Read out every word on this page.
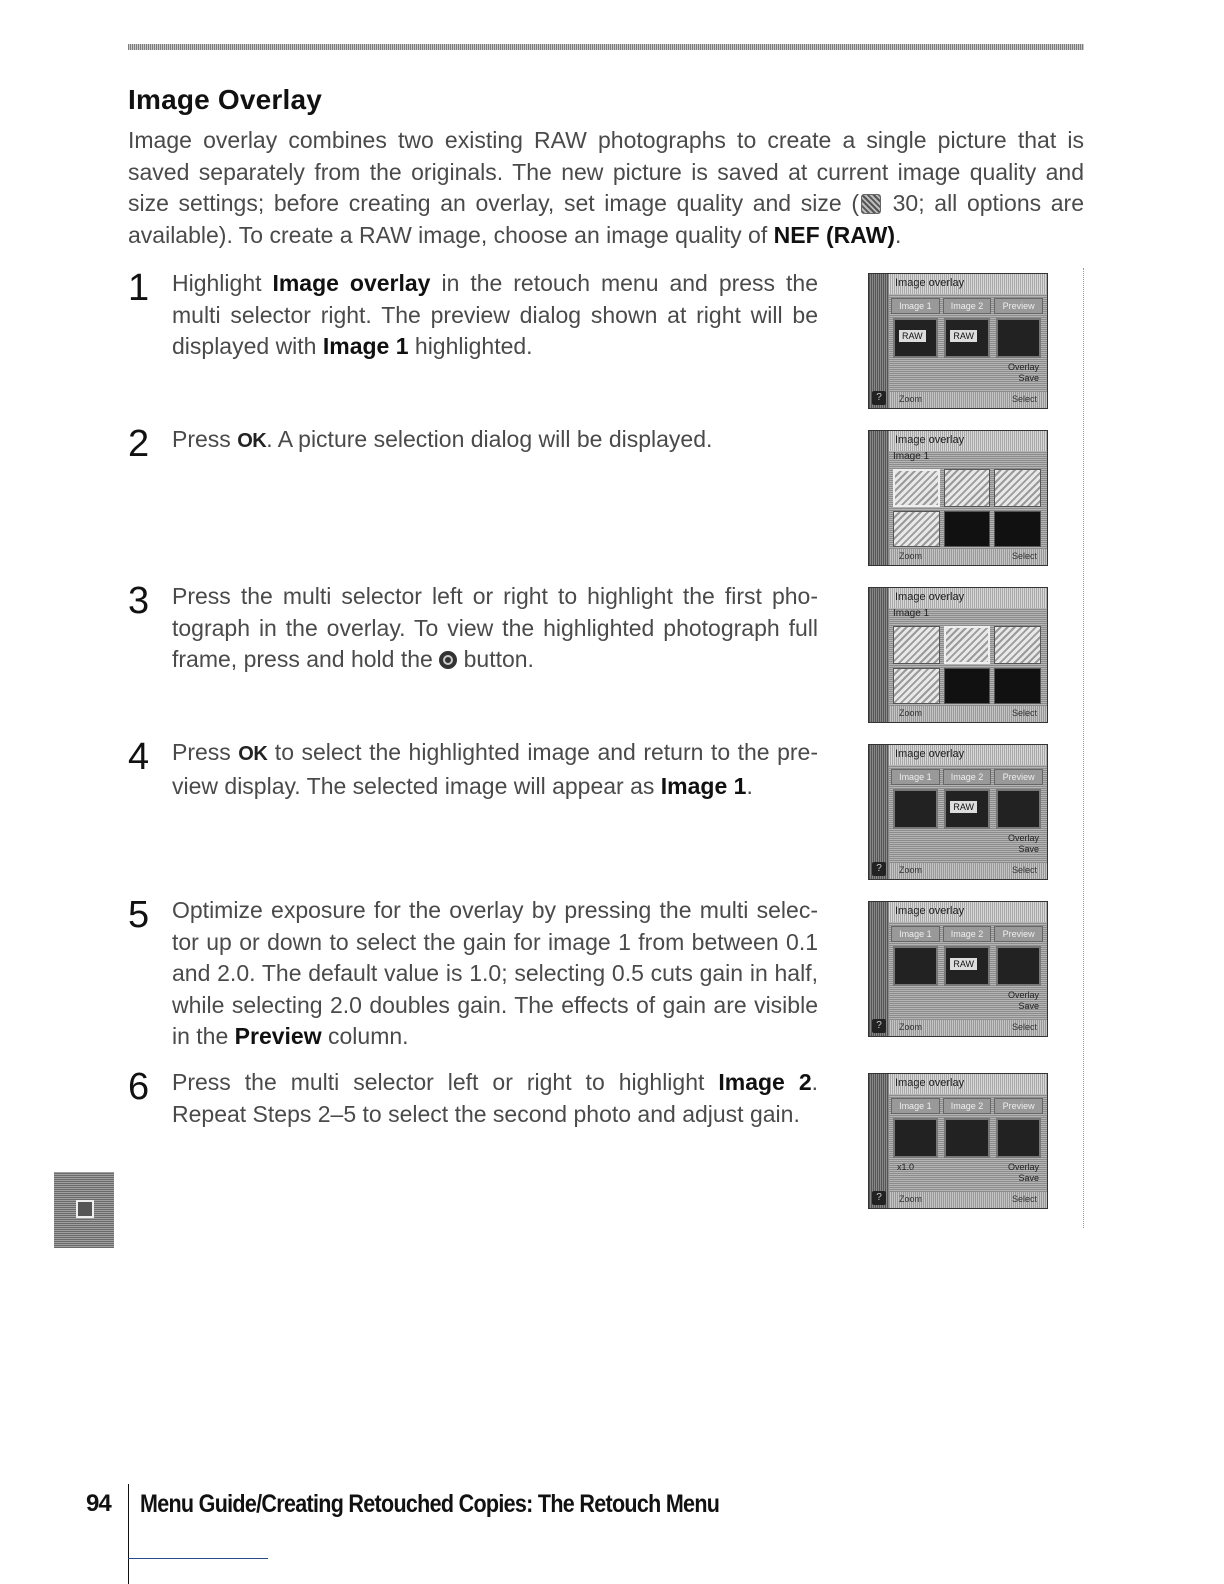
Image Overlay

Image overlay combines two existing RAW photographs to create a single picture that is saved separately from the originals. The new picture is saved at current image quality and size settings; before creating an overlay, set image quality and size ( 30; all options are available). To create a RAW image, choose an image quality of NEF (RAW).

1 Highlight Image overlay in the retouch menu and press the multi selector right. The preview dialog shown at right will be displayed with Image 1 highlighted.
2 Press OK. A picture selection dialog will be displayed.
3 Press the multi selector left or right to highlight the first pho-tograph in the overlay. To view the highlighted photograph full frame, press and hold the  button.
4 Press OK to select the highlighted image and return to the pre-view display. The selected image will appear as Image 1.
5 Optimize exposure for the overlay by pressing the multi selec-tor up or down to select the gain for image 1 from between 0.1 and 2.0. The default value is 1.0; selecting 0.5 cuts gain in half, while selecting 2.0 doubles gain. The effects of gain are visible in the Preview column.
6 Press the multi selector left or right to highlight Image 2. Repeat Steps 2–5 to select the second photo and adjust gain.
?
Image overlay
Image 1	Image 2	Preview
RAW	RAW
Overlay
Save
Zoom	Select
Image overlay
Image 1
Zoom	Select
Image overlay
Image 1
Zoom	Select
?
Image overlay
Image 1	Image 2	Preview
RAW
Overlay
Save
Zoom	Select
?
Image overlay
Image 1	Image 2	Preview
RAW
Overlay
Save
Zoom	Select
?
Image overlay
Image 1	Image 2	Preview
x1.0	Overlay
Save
Zoom	Select
94 Menu Guide/Creating Retouched Copies: The Retouch Menu
